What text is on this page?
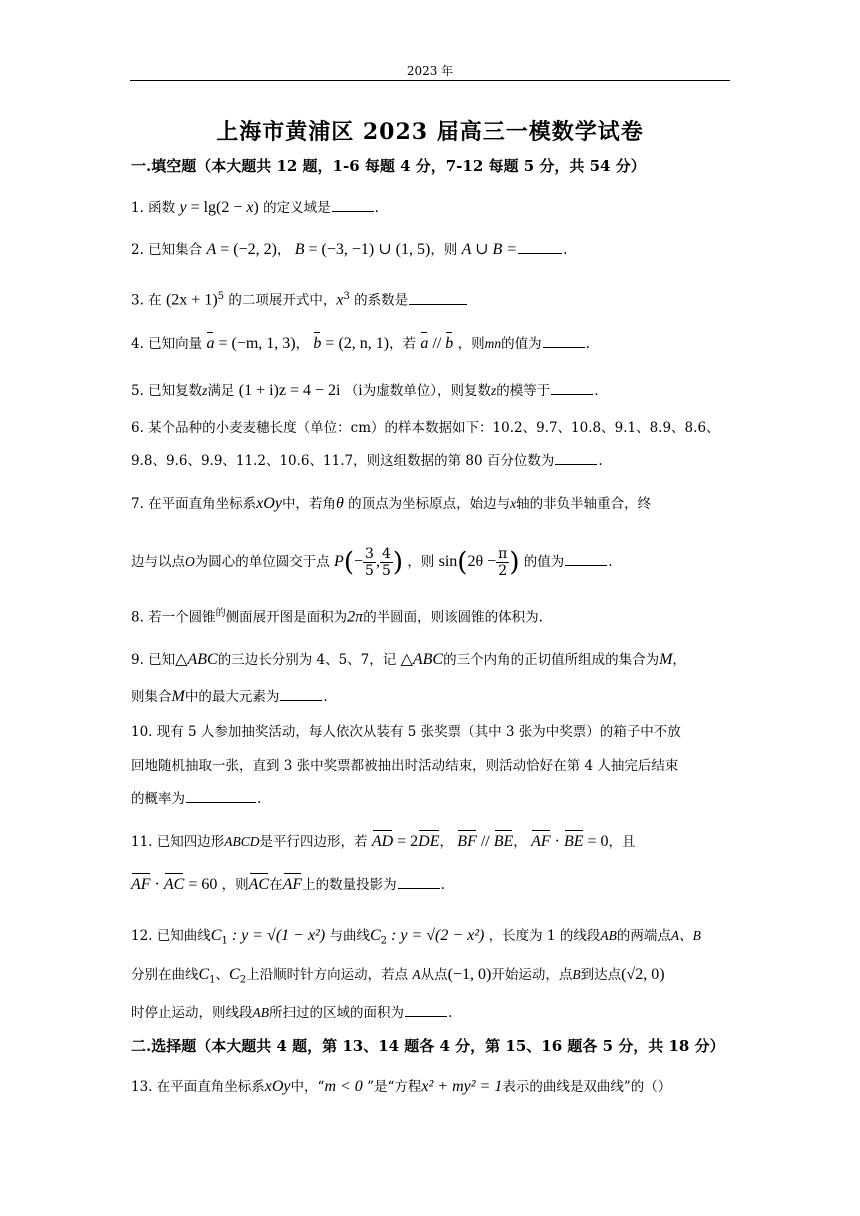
2023 年
上海市黄浦区 2023 届高三一模数学试卷
一.填空题（本大题共 12 题，1-6 每题 4 分，7-12 每题 5 分，共 54 分）
1. 函数 y = lg(2 − x) 的定义域是	.
2. 已知集合 A = (−2, 2)， B = (−3, −1) ∪ (1, 5)，则 A ∪ B =	.
3. 在 $(2x + 1)^5$ 的二项展开式中，$x^3$ 的系数是
4. 已知向量 a = (−m, 1, 3)， b = (2, n, 1)，若 a // b ，则mn的值为	.
5. 已知复数z满足 (1 + i)z = 4 − 2i （i为虚数单位），则复数z的模等于	.
6. 某个品种的小麦麦穗长度（单位：cm）的样本数据如下：10.2、9.7、10.8、9.1、8.9、8.6、
9.8、9.6、9.9、11.2、10.6、11.7，则这组数据的第 80 百分位数为	.
7. 在平面直角坐标系xOy中，若角θ 的顶点为坐标原点，始边与x轴的非负半轴重合，终
边与以点O为圆心的单位圆交于点 $P(- \frac{3}{5}$ , $\frac{4}{5}$ ) ，则 $\sin(2\theta - \frac{\pi}{2}$ ) 的值为	.
8. 若一个圆锥$^的$侧面展开图是面积为2π的半圆面，则该圆锥的体积为.
9. 已知△ABC的三边长分别为 4、5、7，记 △ABC的三个内角的正切值所组成的集合为M，
则集合M中的最大元素为	.
10. 现有 5 人参加抽奖活动，每人依次从装有 5 张奖票（其中 3 张为中奖票）的箱子中不放
回地随机抽取一张，直到 3 张中奖票都被抽出时活动结束，则活动恰好在第 4 人抽完后结束
的概率为	.
11. 已知四边形ABCD是平行四边形，若 AD = 2DE， BF // BE， AF · BE = 0，且
AF · AC = 60 ，则AC在AF上的数量投影为	.
12. 已知曲线$C_1$ : y = √(1 − x²) 与曲线$C_2$ : y = √(2 − x²) ，长度为 1 的线段AB的两端点A、B
分别在曲线$C_1$、$C_2$上沿顺时针方向运动，若点 A从点(−1, 0)开始运动，点B到达点(√2, 0)
时停止运动，则线段AB所扫过的区域的面积为	.
二.选择题（本大题共 4 题，第 13、14 题各 4 分，第 15、16 题各 5 分，共 18 分）
13. 在平面直角坐标系xOy中，“m < 0 ”是“方程x² + my² = 1表示的曲线是双曲线”的（）
